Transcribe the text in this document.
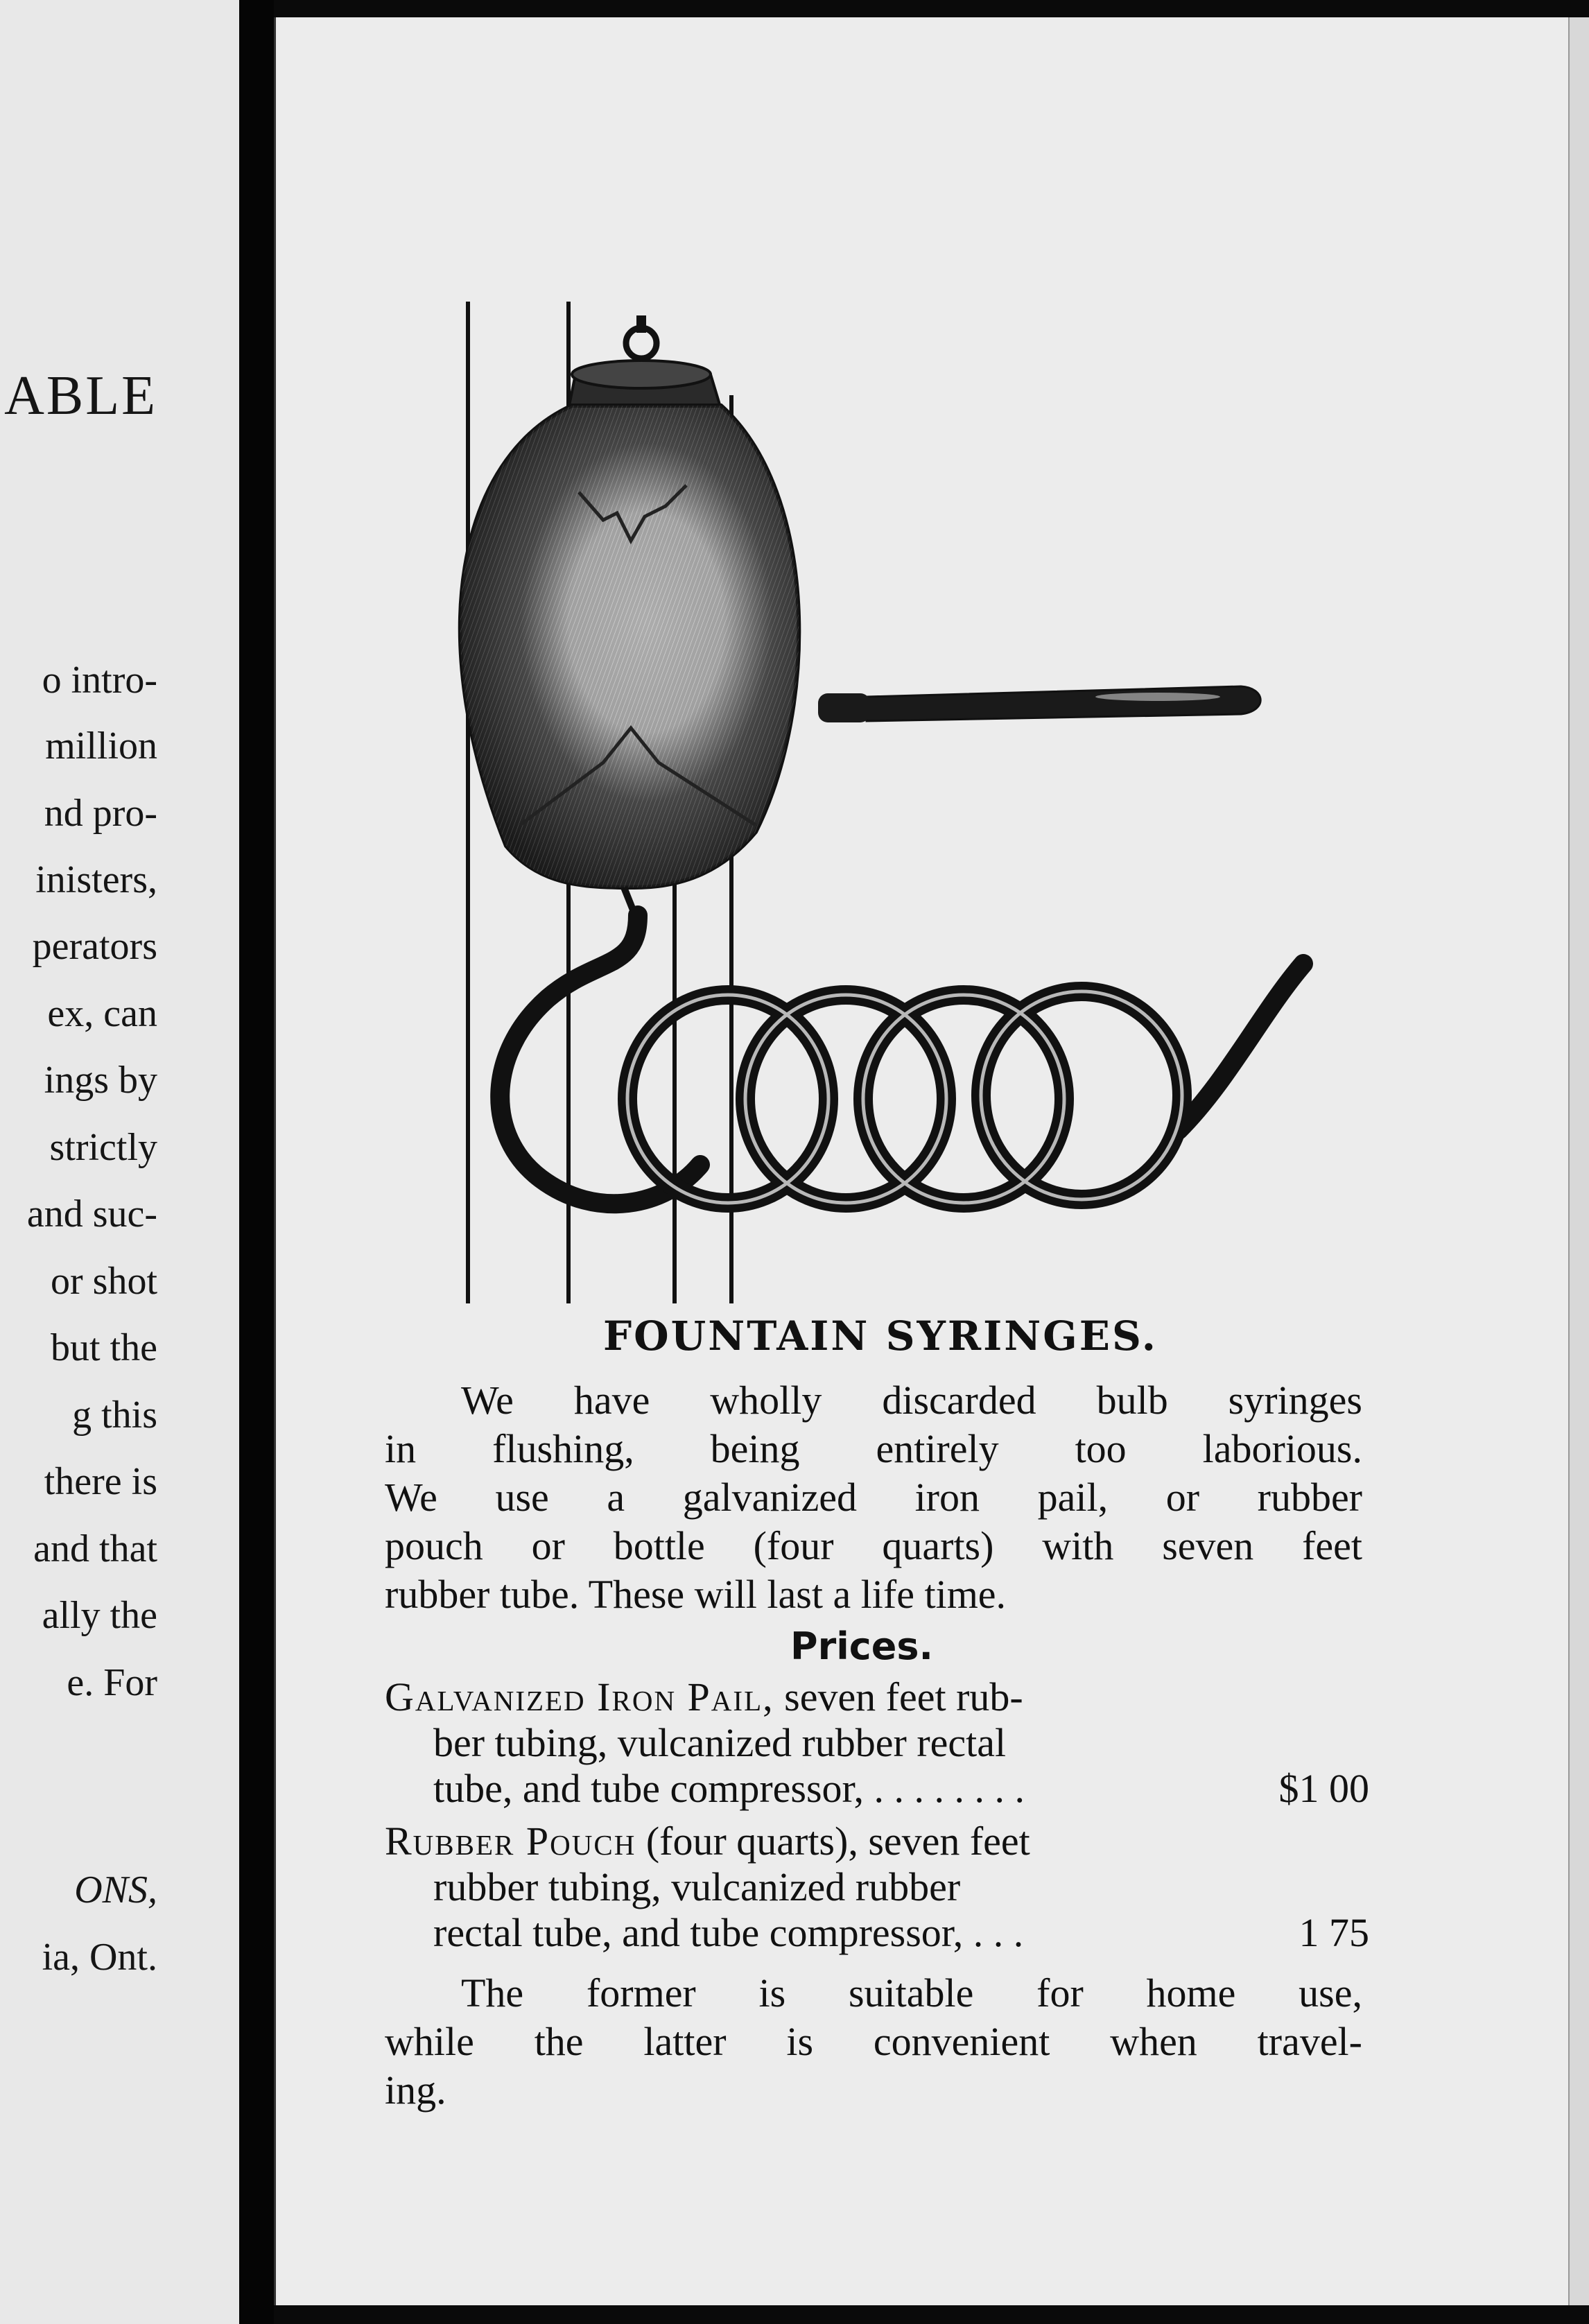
ABLE
o intro-
million
nd pro-
inisters,
perators
ex, can
ings by
strictly
and suc-
or shot
but the
g this
there is
and that
ally the
e. For
ONS,
ia, Ont.
FOUNTAIN SYRINGES.
We have wholly discarded bulb syringes
in flushing, being entirely too laborious.
We use a galvanized iron pail, or rubber
pouch or bottle (four quarts) with seven feet
rubber tube. These will last a life time.
Prices.
Galvanized Iron Pail, seven feet rub-
ber tubing, vulcanized rubber rectal
tube, and tube compressor, . . . . . . . .	$1 00
Rubber Pouch (four quarts), seven feet
rubber tubing, vulcanized rubber
rectal tube, and tube compressor, . . .	1 75
The former is suitable for home use,
while the latter is convenient when travel-
ing.
